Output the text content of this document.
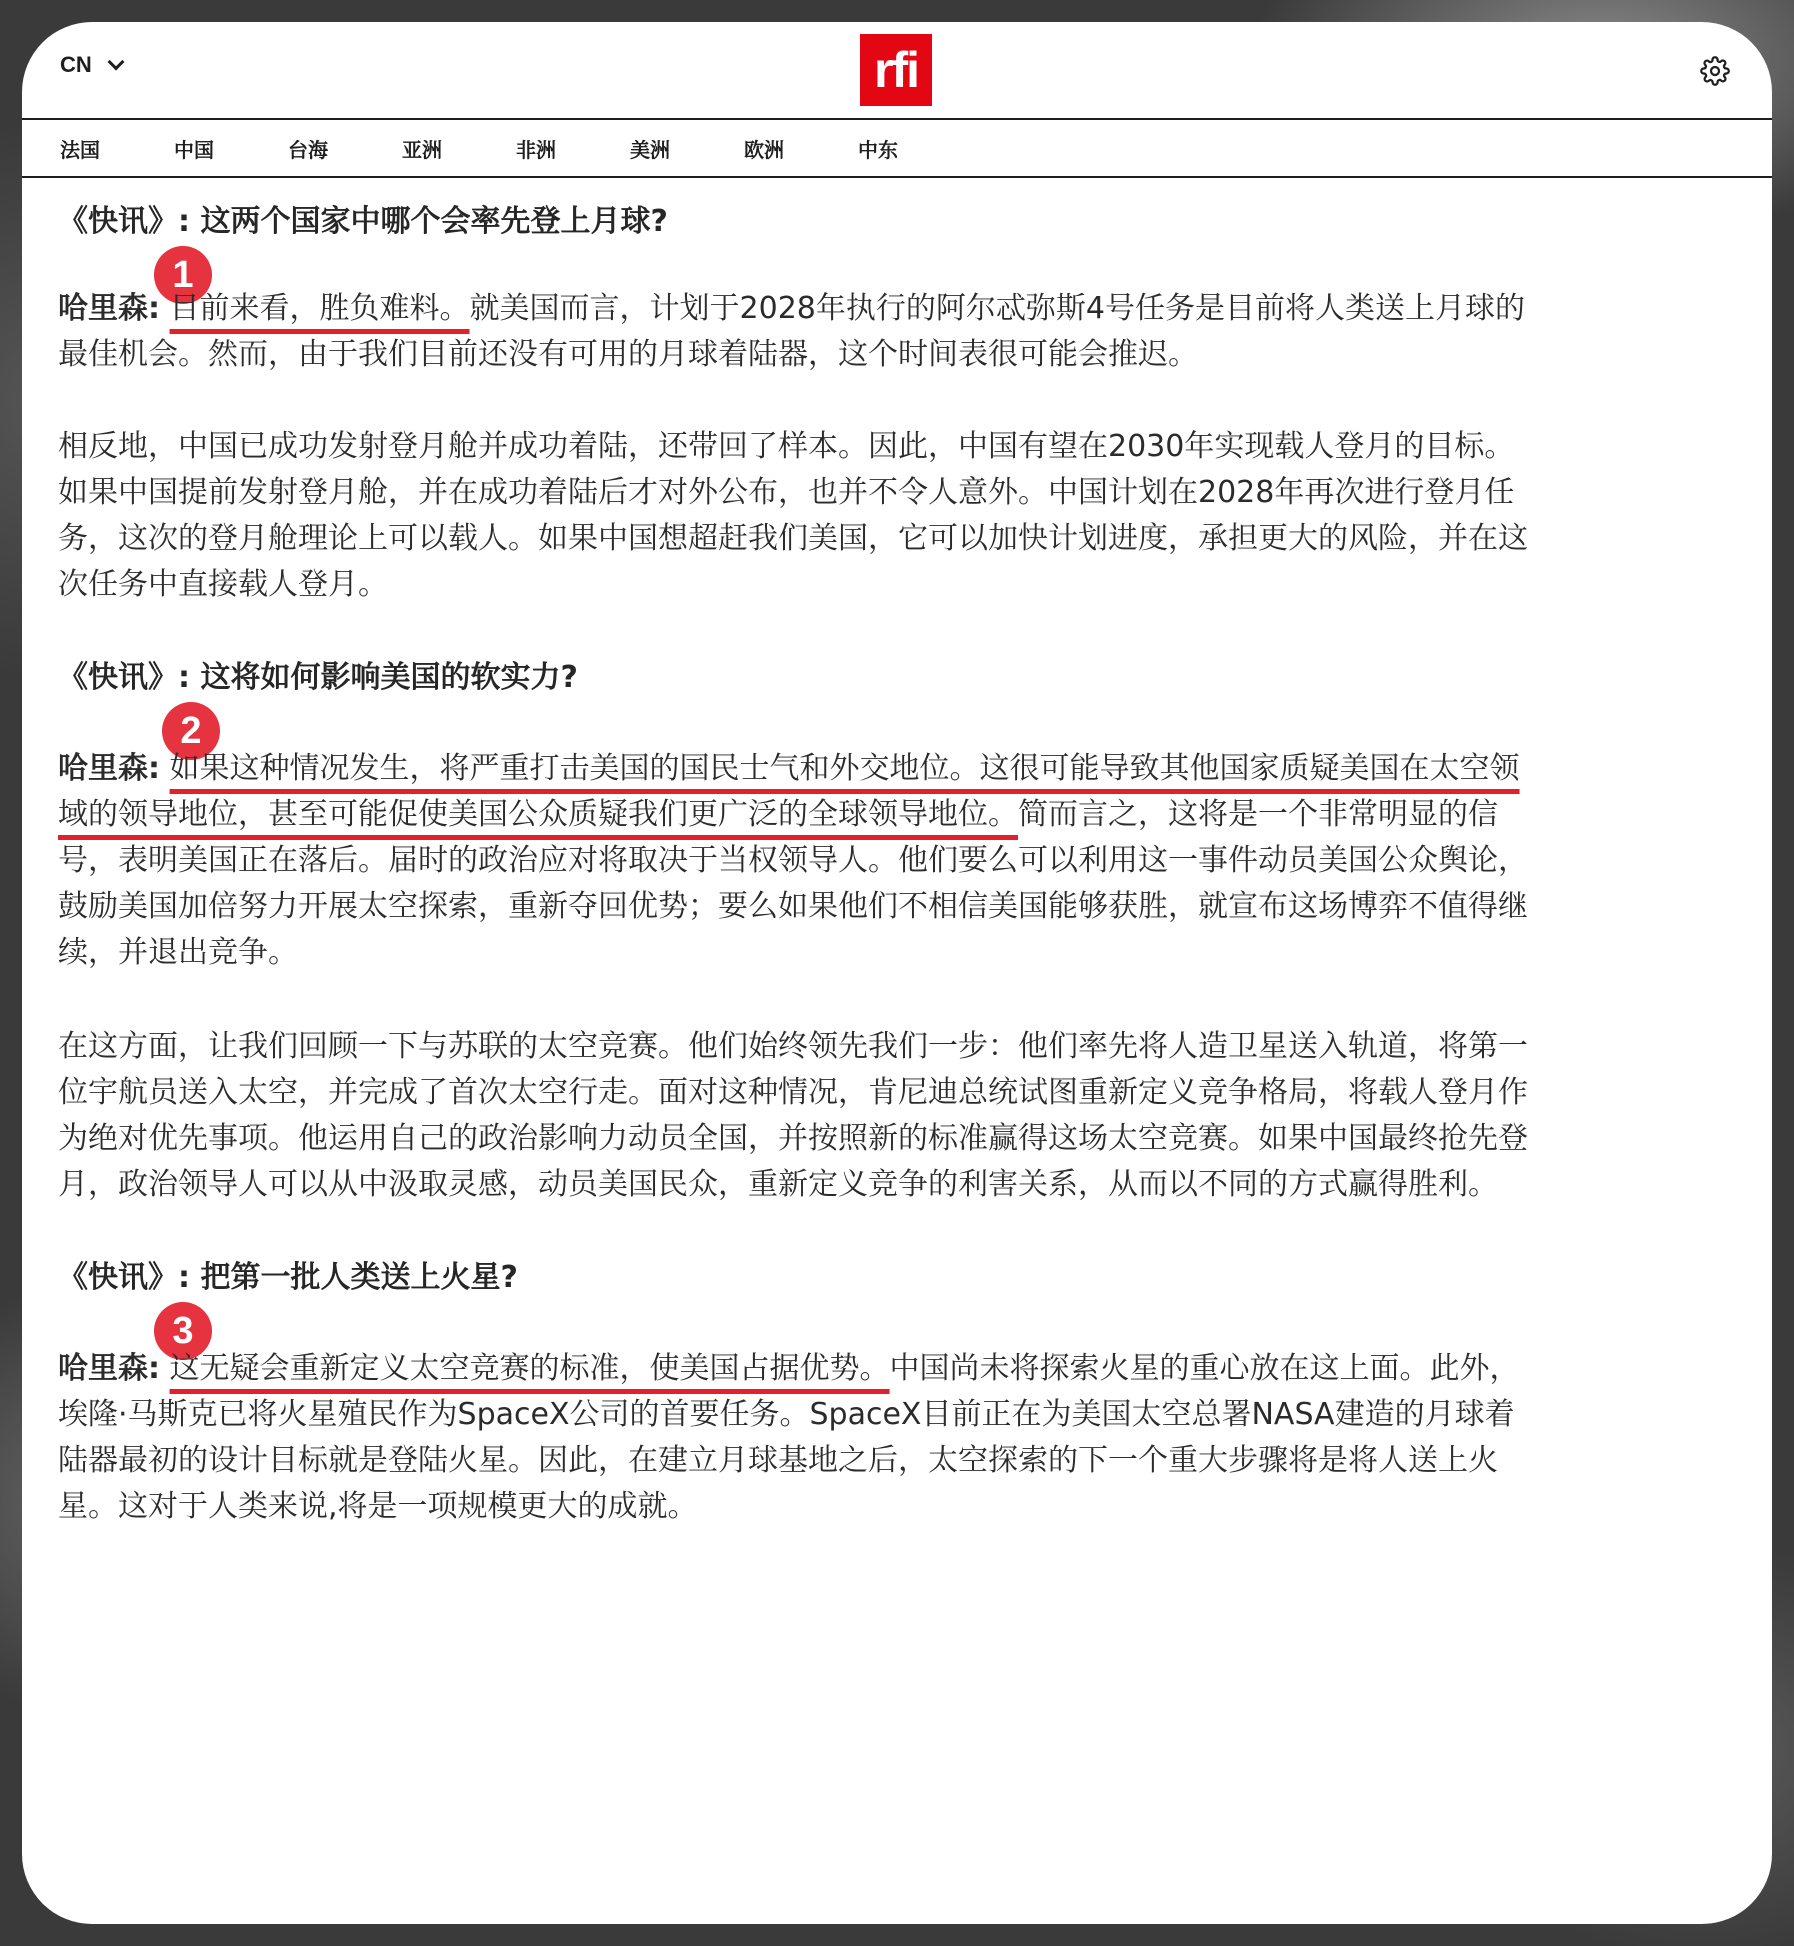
CN	rfi
法国	中国	台海	亚洲	非洲	美洲	欧洲	中东
《快讯》: 这两个国家中哪个会率先登上月球?
1
哈里森: 目前来看，胜负难料。就美国而言，计划于2028年执行的阿尔忒弥斯4号任务是目前将人类送上月球的
最佳机会。然而，由于我们目前还没有可用的月球着陆器，这个时间表很可能会推迟。
相反地，中国已成功发射登月舱并成功着陆，还带回了样本。因此，中国有望在2030年实现载人登月的目标。
如果中国提前发射登月舱，并在成功着陆后才对外公布，也并不令人意外。中国计划在2028年再次进行登月任
务，这次的登月舱理论上可以载人。如果中国想超赶我们美国，它可以加快计划进度，承担更大的风险，并在这
次任务中直接载人登月。
《快讯》: 这将如何影响美国的软实力?
2
哈里森: 如果这种情况发生，将严重打击美国的国民士气和外交地位。这很可能导致其他国家质疑美国在太空领
域的领导地位，甚至可能促使美国公众质疑我们更广泛的全球领导地位。简而言之，这将是一个非常明显的信
号，表明美国正在落后。届时的政治应对将取决于当权领导人。他们要么可以利用这一事件动员美国公众舆论，
鼓励美国加倍努力开展太空探索，重新夺回优势；要么如果他们不相信美国能够获胜，就宣布这场博弈不值得继
续，并退出竞争。
在这方面，让我们回顾一下与苏联的太空竞赛。他们始终领先我们一步：他们率先将人造卫星送入轨道，将第一
位宇航员送入太空，并完成了首次太空行走。面对这种情况，肯尼迪总统试图重新定义竞争格局，将载人登月作
为绝对优先事项。他运用自己的政治影响力动员全国，并按照新的标准赢得这场太空竞赛。如果中国最终抢先登
月，政治领导人可以从中汲取灵感，动员美国民众，重新定义竞争的利害关系，从而以不同的方式赢得胜利。
《快讯》: 把第一批人类送上火星?
3
哈里森: 这无疑会重新定义太空竞赛的标准，使美国占据优势。中国尚未将探索火星的重心放在这上面。此外，
埃隆·马斯克已将火星殖民作为SpaceX公司的首要任务。SpaceX目前正在为美国太空总署NASA建造的月球着
陆器最初的设计目标就是登陆火星。因此，在建立月球基地之后，太空探索的下一个重大步骤将是将人送上火
星。这对于人类来说,将是一项规模更大的成就。
